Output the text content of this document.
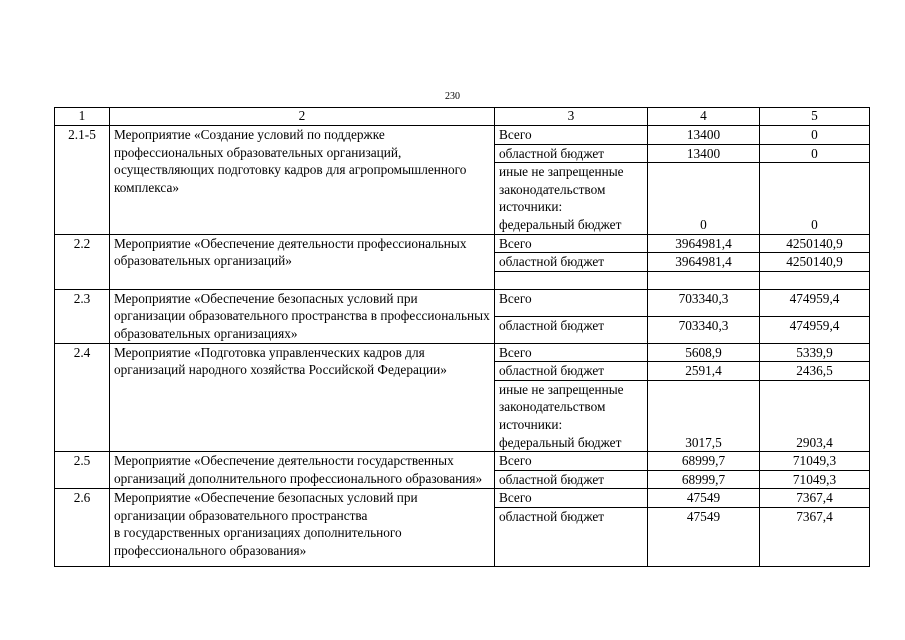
230
1	2	3	4	5
2.1-5	Мероприятие «Создание условий по поддержке профессиональных образовательных организаций, осуществляющих подготовку кадров для агропромышленного комплекса»	Всего	13400	0
		областной бюджет	13400	0
		иные не запрещенные законодательством источники:
федеральный бюджет	0	0
2.2	Мероприятие «Обеспечение деятельности профессиональных образовательных организаций»	Всего	3964981,4	4250140,9
		областной бюджет	3964981,4	4250140,9

2.3	Мероприятие «Обеспечение безопасных условий при организации образовательного пространства в профессиональных образовательных организациях»	Всего	703340,3	474959,4
		областной бюджет	703340,3	474959,4
2.4	Мероприятие «Подготовка управленческих кадров для организаций народного хозяйства Российской Федерации»	Всего	5608,9	5339,9
		областной бюджет	2591,4	2436,5
		иные не запрещенные законодательством источники:
федеральный бюджет	3017,5	2903,4
2.5	Мероприятие «Обеспечение деятельности государственных организаций дополнительного профессионального образования»	Всего	68999,7	71049,3
		областной бюджет	68999,7	71049,3
2.6	Мероприятие «Обеспечение безопасных условий при организации образовательного пространства
в государственных организациях дополнительного профессионального образования»	Всего	47549	7367,4
		областной бюджет	47549	7367,4
